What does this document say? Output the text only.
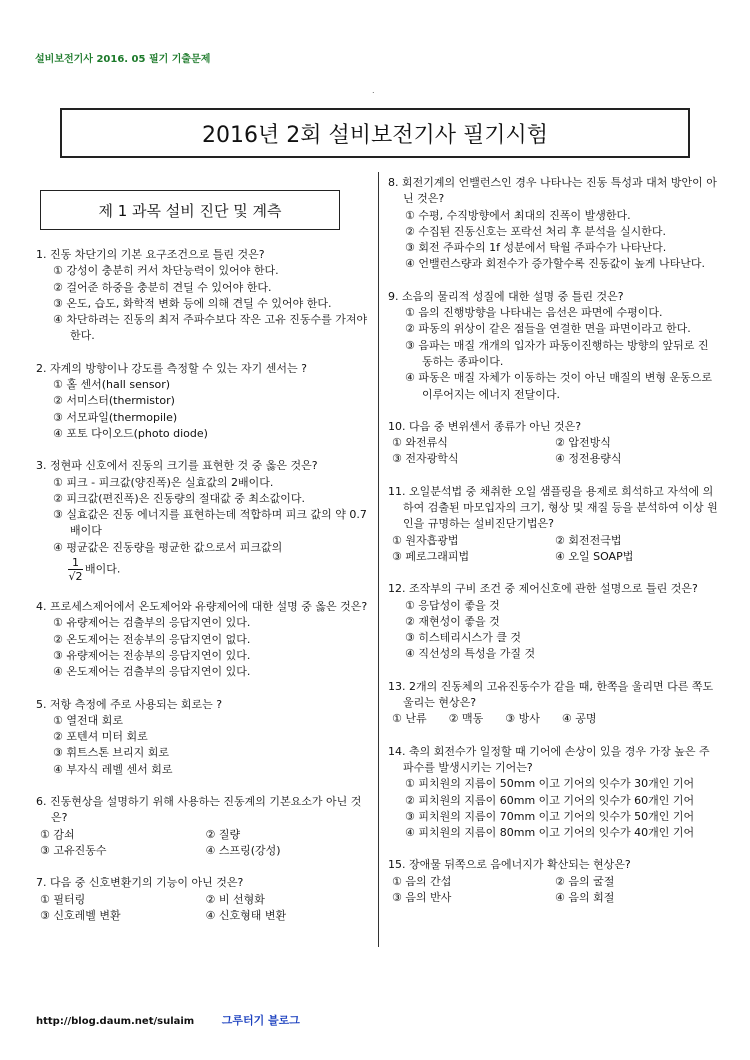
설비보전기사 2016. 05 필기 기출문제
.
2016년 2회 설비보전기사 필기시험
제 1 과목 설비 진단 및 계측
1. 진동 차단기의 기본 요구조건으로 틀린 것은?
① 강성이 충분히 커서 차단능력이 있어야 한다.
② 걸어준 하중을 충분히 견딜 수 있어야 한다.
③ 온도, 습도, 화학적 변화 등에 의해 견딜 수 있어야 한다.
④ 차단하려는 진동의 최저 주파수보다 작은 고유 진동수를 가져야 한다.
2. 자계의 방향이나 강도를 측정할 수 있는 자기 센서는 ?
① 홀 센서(hall sensor)
② 서미스터(thermistor)
③ 서모파일(thermopile)
④ 포토 다이오드(photo diode)
3. 정현파 신호에서 진동의 크기를 표현한 것 중 옳은 것은?
① 피크 - 피크값(양진폭)은 실효값의 2배이다.
② 피크값(편진폭)은 진동량의 절대값 중 최소값이다.
③ 실효값은 진동 에너지를 표현하는데 적합하며 피크 값의 약 0.7배이다
④ 평균값은 진동량을 평균한 값으로서 피크값의
$\frac{1}{√2}$ 배이다.
4. 프로세스제어에서 온도제어와 유량제어에 대한 설명 중 옳은 것은?
① 유량제어는 검출부의 응답지연이 있다.
② 온도제어는 전송부의 응답지연이 없다.
③ 유량제어는 전송부의 응답지연이 있다.
④ 온도제어는 검출부의 응답지연이 있다.
5. 저항 측정에 주로 사용되는 회로는 ?
① 열전대 회로
② 포텐셔 미터 회로
③ 휘트스톤 브리지 회로
④ 부자식 레벨 센서 회로
6. 진동현상을 설명하기 위해 사용하는 진동계의 기본요소가 아닌 것은?
① 감쇠	② 질량
③ 고유진동수	④ 스프링(강성)
7. 다음 중 신호변환기의 기능이 아닌 것은?
① 필터링	② 비 선형화
③ 신호레벨 변환	④ 신호형태 변환
8. 회전기계의 언밸런스인 경우 나타나는 진동 특성과 대처 방안이 아닌 것은?
① 수평, 수직방향에서 최대의 진폭이 발생한다.
② 수집된 진동신호는 포락선 처리 후 분석을 실시한다.
③ 회전 주파수의 1f 성분에서 탁월 주파수가 나타난다.
④ 언밸런스량과 회전수가 증가할수록 진동값이 높게 나타난다.
9. 소음의 물리적 성질에 대한 설명 중 틀린 것은?
① 음의 진행방향을 나타내는 음선은 파면에 수평이다.
② 파동의 위상이 같은 점들을 연결한 면을 파면이라고 한다.
③ 음파는 매질 개개의 입자가 파동이진행하는 방향의 앞뒤로 진동하는 종파이다.
④ 파동은 매질 자체가 이동하는 것이 아닌 매질의 변형 운동으로 이루어지는 에너지 전달이다.
10. 다음 중 변위센서 종류가 아닌 것은?
① 와전류식	② 압전방식
③ 전자광학식	④ 정전용량식
11. 오일분석법 중 채취한 오일 샘플링을 용제로 희석하고 자석에 의하여 검출된 마모입자의 크기, 형상 및 재질 등을 분석하여 이상 원인을 규명하는 설비진단기법은?
① 원자흡광법	② 회전전극법
③ 페로그래피법	④ 오일 SOAP법
12. 조작부의 구비 조건 중 제어신호에 관한 설명으로 틀린 것은?
① 응답성이 좋을 것
② 재현성이 좋을 것
③ 히스테리시스가 클 것
④ 직선성의 특성을 가질 것
13. 2개의 진동체의 고유진동수가 같을 때, 한쪽을 울리면 다른 쪽도 울리는 현상은?
① 난류 ② 맥동 ③ 방사 ④ 공명
14. 축의 회전수가 일정할 때 기어에 손상이 있을 경우 가장 높은 주파수를 발생시키는 기어는?
① 피치원의 지름이 50mm 이고 기어의 잇수가 30개인 기어
② 피치원의 지름이 60mm 이고 기어의 잇수가 60개인 기어
③ 피치원의 지름이 70mm 이고 기어의 잇수가 50개인 기어
④ 피치원의 지름이 80mm 이고 기어의 잇수가 40개인 기어
15. 장애물 뒤쪽으로 음에너지가 확산되는 현상은?
① 음의 간섭	② 음의 굴절
③ 음의 반사	④ 음의 회절
http://blog.daum.net/sulaim 그루터기 블로그
